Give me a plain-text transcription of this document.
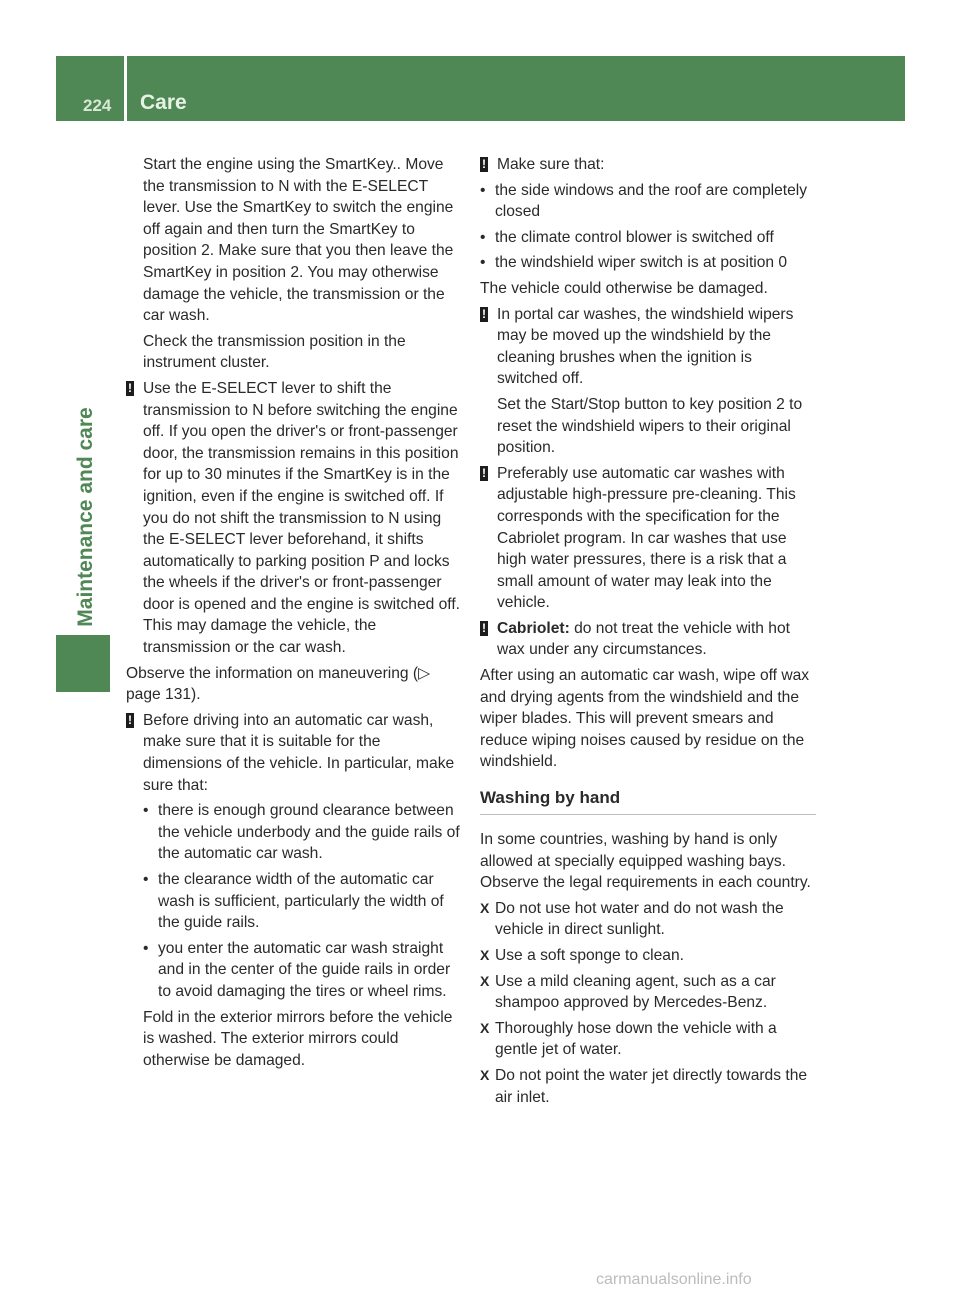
224 Care
Maintenance and care

Start the engine using the SmartKey.. Move the transmission to N with the E-SELECT lever. Use the SmartKey to switch the engine off again and then turn the SmartKey to position 2. Make sure that you then leave the SmartKey in position 2. You may otherwise damage the vehicle, the transmission or the car wash.

Check the transmission position in the instrument cluster.

! Use the E-SELECT lever to shift the transmission to N before switching the engine off. If you open the driver's or front-passenger door, the transmission remains in this position for up to 30 minutes if the SmartKey is in the ignition, even if the engine is switched off. If you do not shift the transmission to N using the E-SELECT lever beforehand, it shifts automatically to parking position P and locks the wheels if the driver's or front-passenger door is opened and the engine is switched off. This may damage the vehicle, the transmission or the car wash.

Observe the information on maneuvering (▷ page 131).

! Before driving into an automatic car wash, make sure that it is suitable for the dimensions of the vehicle. In particular, make sure that:
• there is enough ground clearance between the vehicle underbody and the guide rails of the automatic car wash.
• the clearance width of the automatic car wash is sufficient, particularly the width of the guide rails.
• you enter the automatic car wash straight and in the center of the guide rails in order to avoid damaging the tires or wheel rims.

Fold in the exterior mirrors before the vehicle is washed. The exterior mirrors could otherwise be damaged.

! Make sure that:
• the side windows and the roof are completely closed
• the climate control blower is switched off
• the windshield wiper switch is at position 0

The vehicle could otherwise be damaged.

! In portal car washes, the windshield wipers may be moved up the windshield by the cleaning brushes when the ignition is switched off.

Set the Start/Stop button to key position 2 to reset the windshield wipers to their original position.

! Preferably use automatic car washes with adjustable high-pressure pre-cleaning. This corresponds with the specification for the Cabriolet program. In car washes that use high water pressures, there is a risk that a small amount of water may leak into the vehicle.
! Cabriolet: do not treat the vehicle with hot wax under any circumstances.

After using an automatic car wash, wipe off wax and drying agents from the windshield and the wiper blades. This will prevent smears and reduce wiping noises caused by residue on the windshield.

Washing by hand

In some countries, washing by hand is only allowed at specially equipped washing bays. Observe the legal requirements in each country.

X Do not use hot water and do not wash the vehicle in direct sunlight.
X Use a soft sponge to clean.
X Use a mild cleaning agent, such as a car shampoo approved by Mercedes-Benz.
X Thoroughly hose down the vehicle with a gentle jet of water.
X Do not point the water jet directly towards the air inlet.
carmanualsonline.info
